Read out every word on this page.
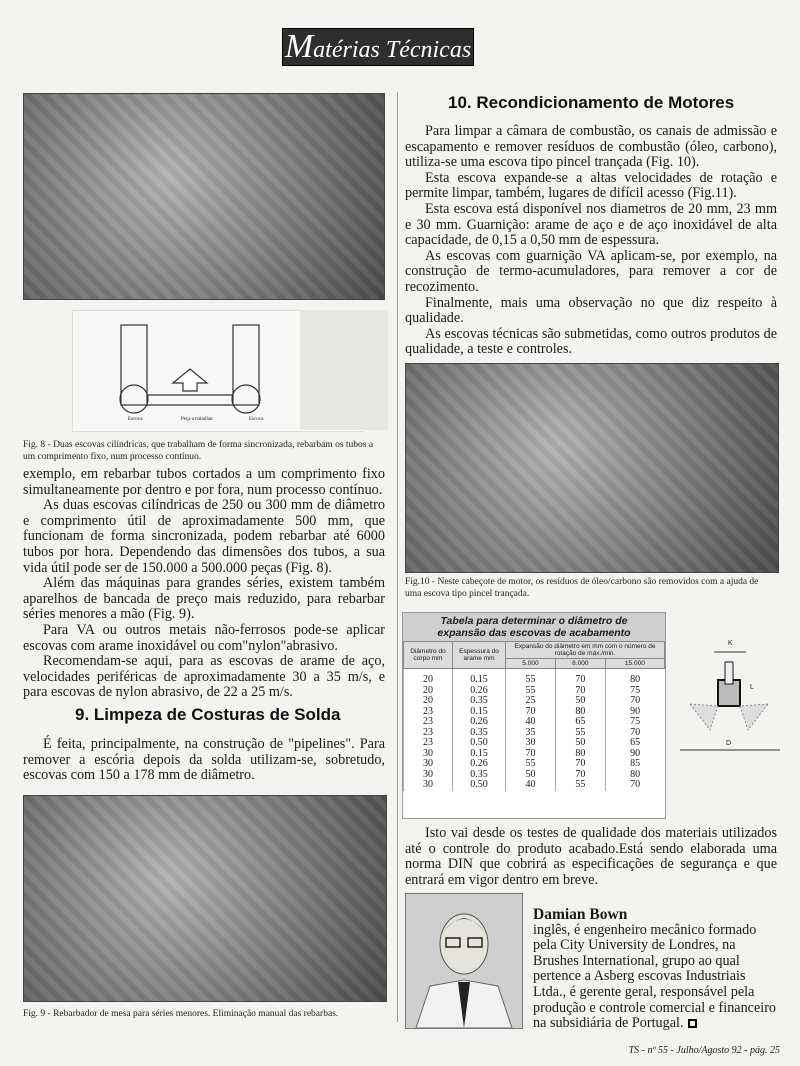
Matérias Técnicas
Escova	Peça a trabalhar	Escova
Fig. 8 - Duas escovas cilíndricas, que trabalham de forma sincronizada, rebarbam os tubos a um comprimento fixo, num processo contínuo.

exemplo, em rebarbar tubos cortados a um comprimento fixo simultaneamente por dentro e por fora, num processo contínuo.

As duas escovas cilíndricas de 250 ou 300 mm de diâmetro e comprimento útil de aproximadamente 500 mm, que funcionam de forma sincronizada, podem rebarbar até 6000 tubos por hora. Dependendo das dimensões dos tubos, a sua vida útil pode ser de 150.000 a 500.000 peças (Fig. 8).

Além das máquinas para grandes séries, existem também aparelhos de bancada de preço mais reduzido, para rebarbar séries menores a mão (Fig. 9).

Para VA ou outros metais não-ferrosos pode-se aplicar escovas com arame inoxidável ou com"nylon"abrasivo.

Recomendam-se aqui, para as escovas de arame de aço, velocidades periféricas de aproximadamente 30 a 35 m/s, e para escovas de nylon abrasivo, de 22 a 25 m/s.

9. Limpeza de Costuras de Solda

É feita, principalmente, na construção de "pipelines". Para remover a escória depois da solda utilizam-se, sobretudo, escovas com 150 a 178 mm de diâmetro.

Fig. 9 - Rebarbador de mesa para séries menores. Eliminação manual das rebarbas.
10. Recondicionamento de Motores

Para limpar a câmara de combustão, os canais de admissão e escapamento e remover resíduos de combustão (óleo, carbono), utiliza-se uma escova tipo pincel trançada (Fig. 10).

Esta escova expande-se a altas velocidades de rotação e permite limpar, também, lugares de difícil acesso (Fig.11).

Esta escova está disponível nos diametros de 20 mm, 23 mm e 30 mm. Guarnição: arame de aço e de aço inoxidável de alta capacidade, de 0,15 a 0,50 mm de espessura.

As escovas com guarnição VA aplicam-se, por exemplo, na construção de termo-acumuladores, para remover a cor de recozimento.

Finalmente, mais uma observação no que diz respeito à qualidade.

As escovas técnicas são submetidas, como outros produtos de qualidade, a teste e controles.

Fig.10 - Neste cabeçote de motor, os resíduos de óleo/carbono são removidos com a ajuda de uma escova tipo pincel trançada.
Tabela para determinar o diâmetro de
expansão das escovas de acabamento
Diâmetro do corpo mm	Espessura do arame mm	Expansão do diâmetro em mm com o número de rotação de máx./min.		
		5.000	8.000	15.000
20	0.15	55	70	80
20	0.26	55	70	75
20	0.35	25	50	70
23	0.15	70	80	90
23	0.26	40	65	75
23	0.35	35	55	70
23	0.50	30	50	65
30	0.15	70	80	90
30	0.26	55	70	85
30	0.35	50	70	80
30	0.50	40	55	70
K
L
D

Isto vai desde os testes de qualidade dos materiais utilizados até o controle do produto acabado.Está sendo elaborada uma norma DIN que cobrirá as especificações de segurança e que entrará em vigor dentro em breve.

Damian Bown
inglês, é engenheiro mecânico formado pela City University de Londres, na Brushes International, grupo ao qual pertence a Asberg escovas Industriais Ltda., é gerente geral, responsável pela produção e controle comercial e financeiro na subsidiária de Portugal.
TS - nº 55 - Julho/Agosto 92 - pág. 25
